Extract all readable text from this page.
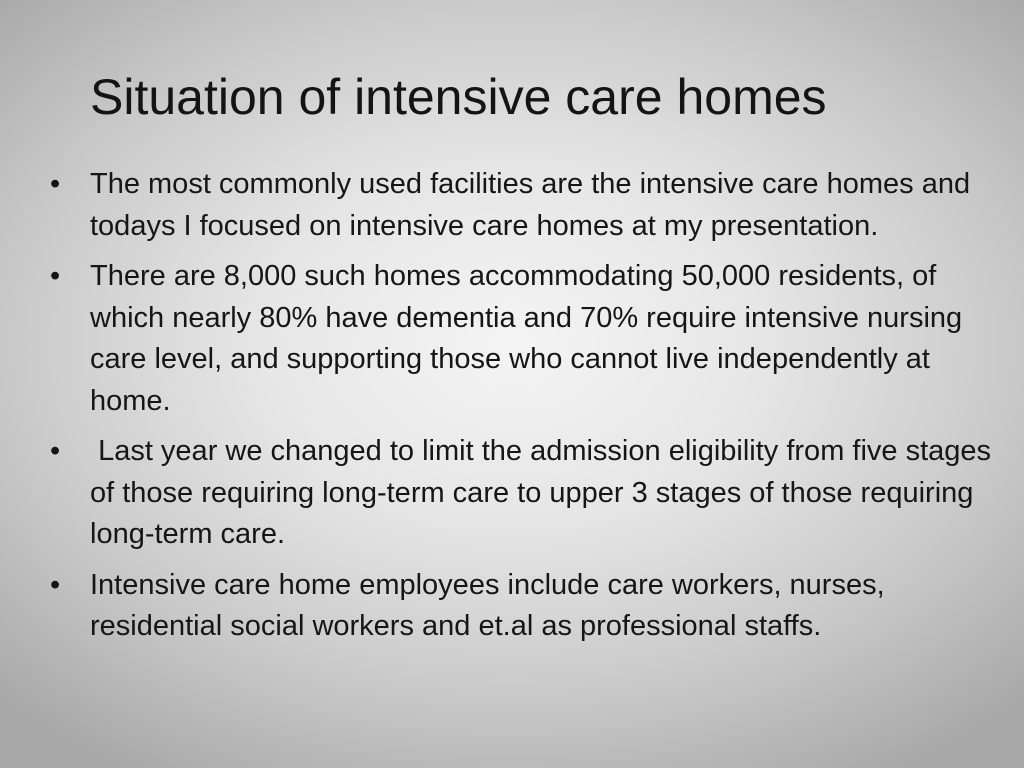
Situation of intensive care homes
• The most commonly used facilities are the intensive care homes and todays I focused on intensive care homes at my presentation.
• There are 8,000 such homes accommodating 50,000 residents, of which nearly 80% have dementia and 70% require intensive nursing care level, and supporting those who cannot live independently at home.
• Last year we changed to limit the admission eligibility from five stages of those requiring long-term care to upper 3 stages of those requiring long-term care.
• Intensive care home employees include care workers, nurses, residential social workers and et.al as professional staffs.
